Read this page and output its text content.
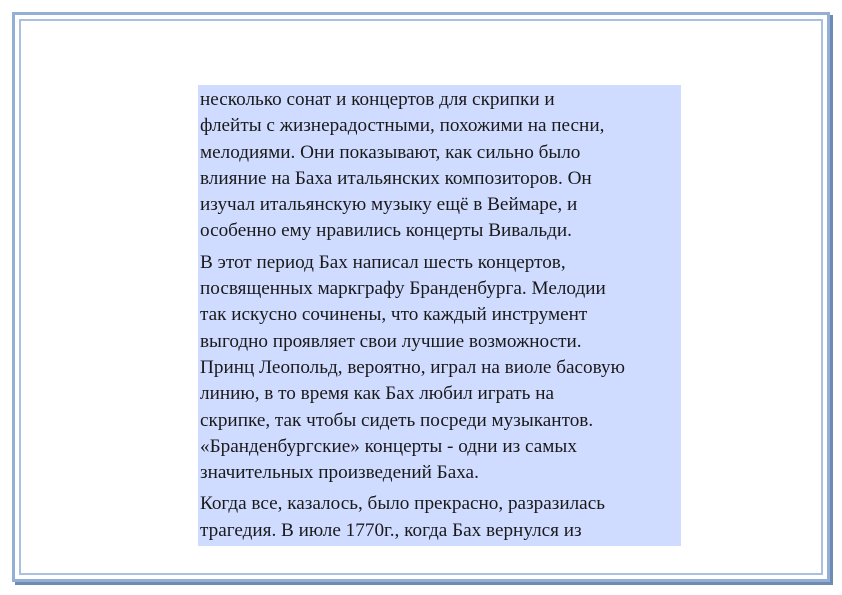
несколько сонат и концертов для скрипки и
флейты с жизнерадостными, похожими на песни,
мелодиями. Они показывают, как сильно было
влияние на Баха итальянских композиторов. Он
изучал итальянскую музыку ещё в Веймаре, и
особенно ему нравились концерты Вивальди.

В этот период Бах написал шесть концертов,
посвященных маркграфу Бранденбурга. Мелодии
так искусно сочинены, что каждый инструмент
выгодно проявляет свои лучшие возможности.
Принц Леопольд, вероятно, играл на виоле басовую
линию, в то время как Бах любил играть на
скрипке, так чтобы сидеть посреди музыкантов.
«Бранденбургские» концерты - одни из самых
значительных произведений Баха.

Когда все, казалось, было прекрасно, разразилась
трагедия. В июле 1770г., когда Бах вернулся из
